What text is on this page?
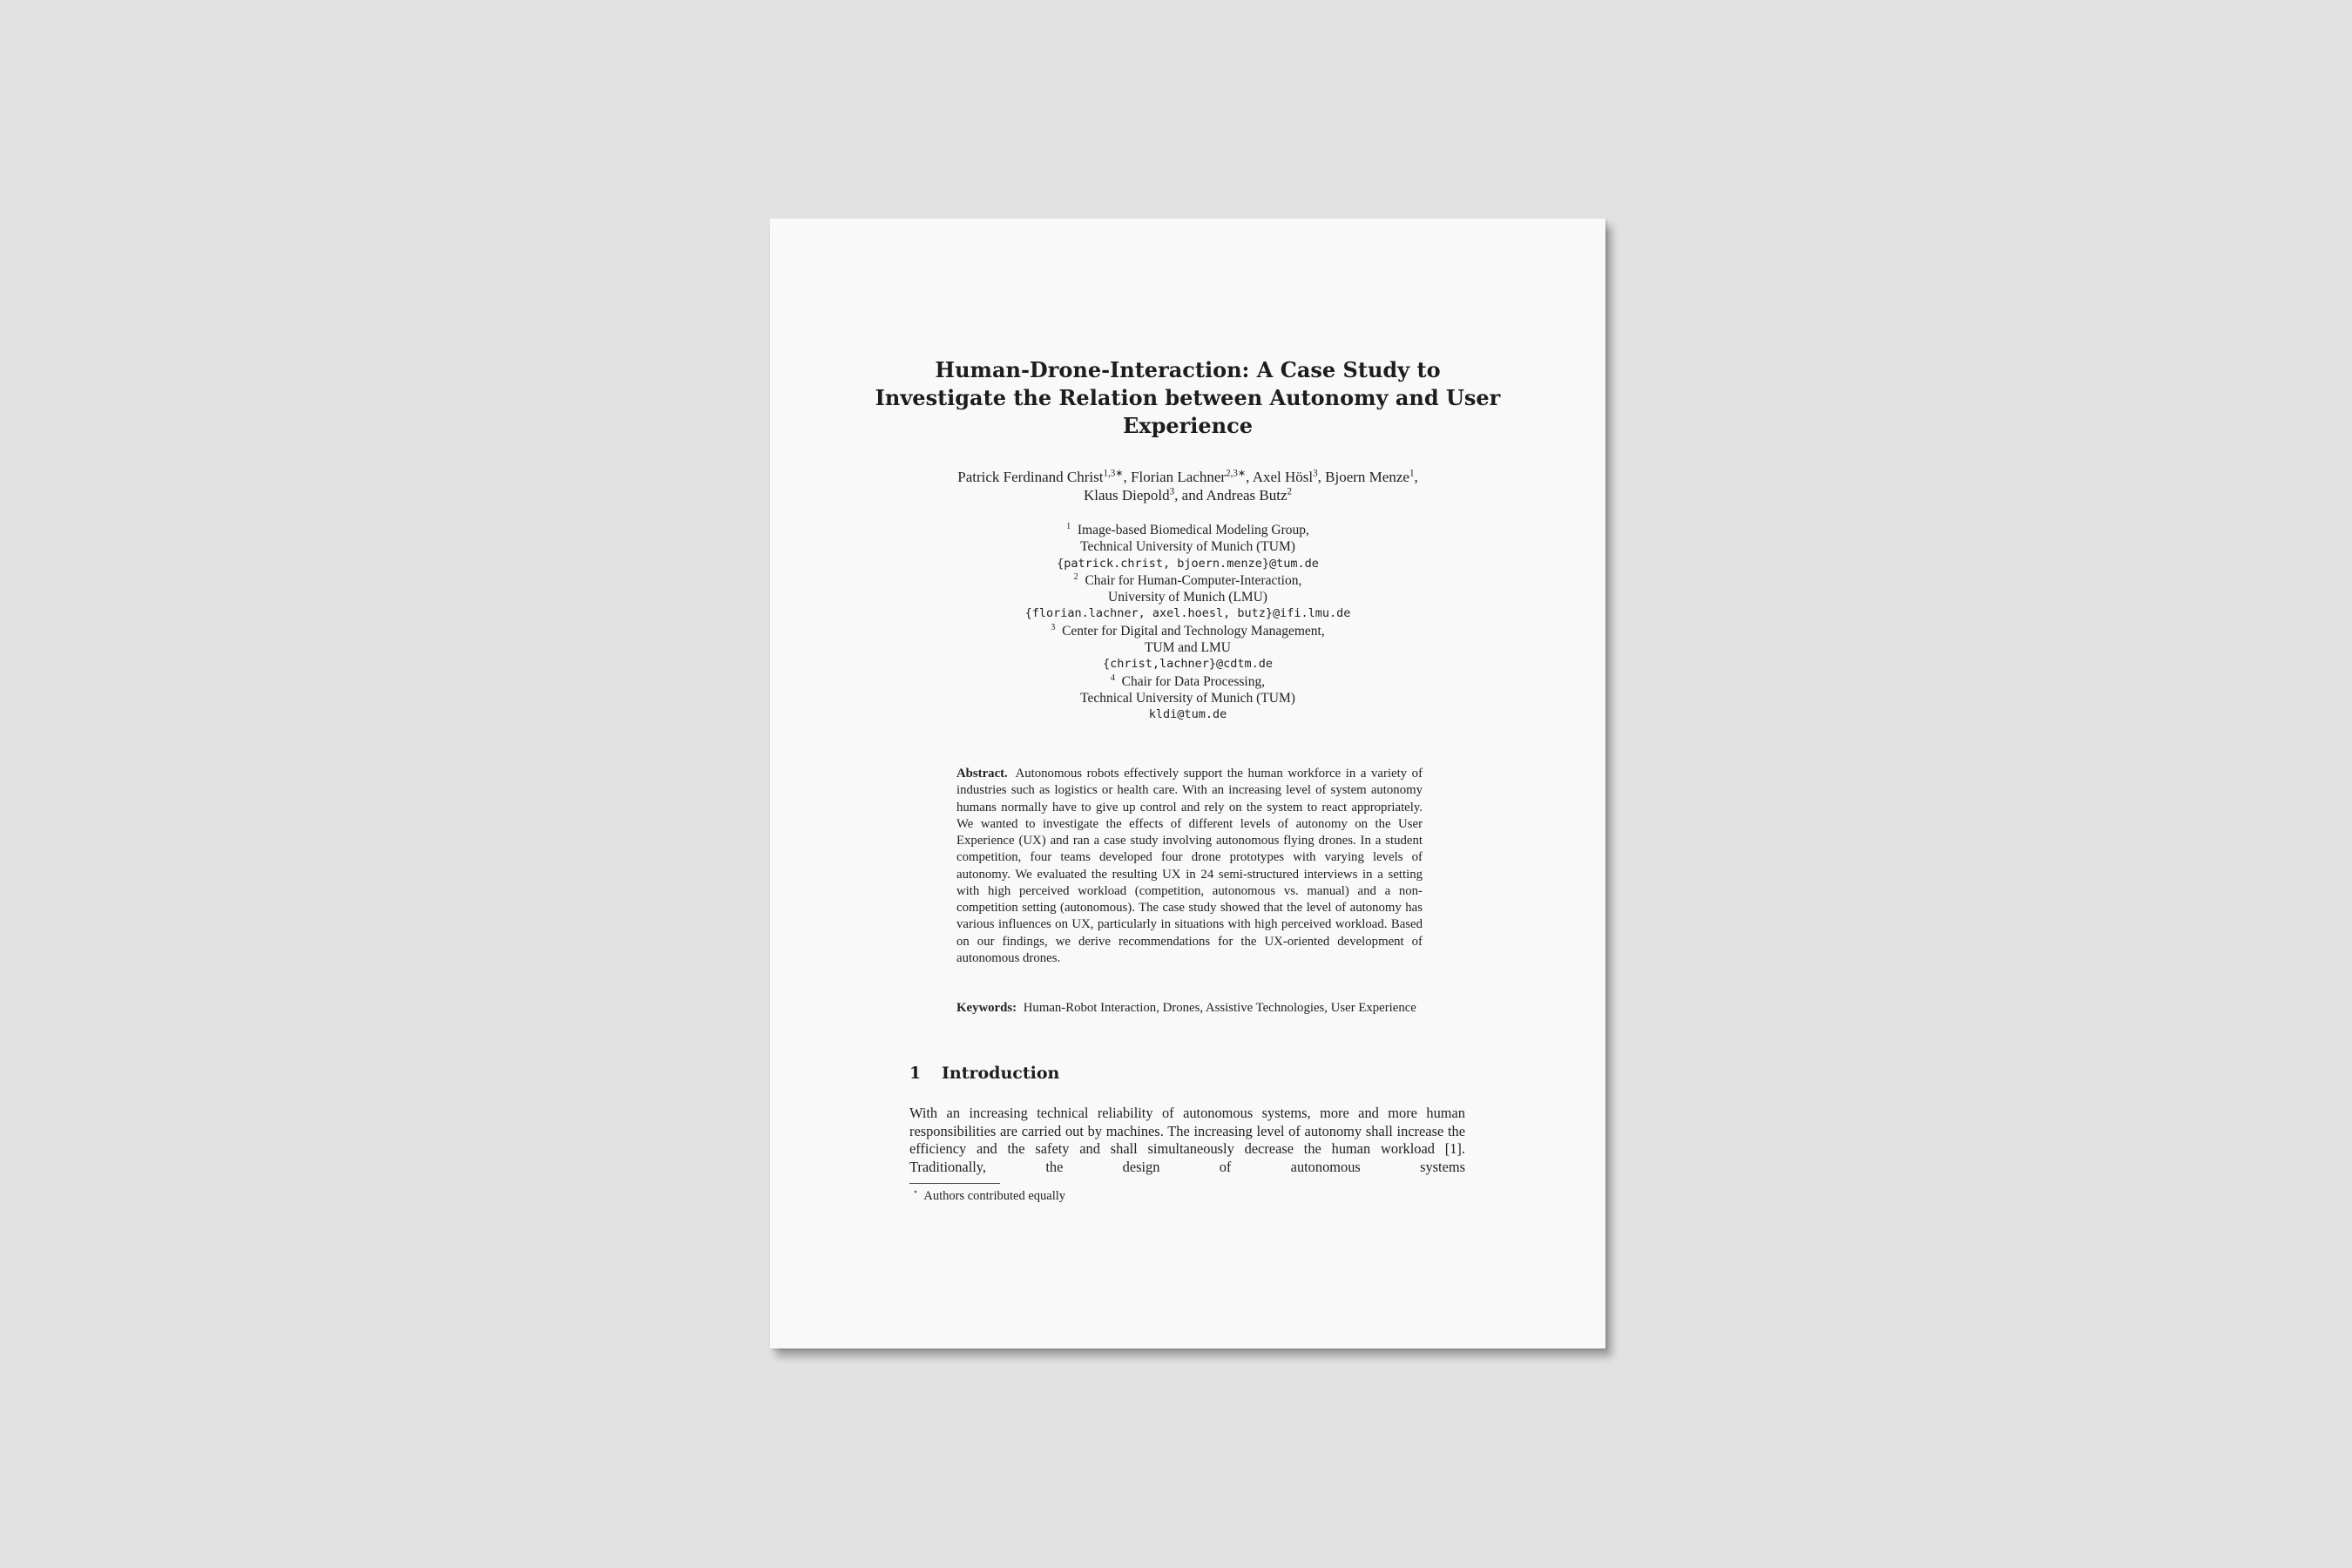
Human-Drone-Interaction: A Case Study to Investigate the Relation between Autonomy and User Experience
Patrick Ferdinand Christ$^{1,3∗}$, Florian Lachner$^{2,3∗}$, Axel Hösl$^3$, Bjoern Menze$^1$,
Klaus Diepold$^3$, and Andreas Butz$^2$
$^1$ Image-based Biomedical Modeling Group,
Technical University of Munich (TUM)
{patrick.christ, bjoern.menze}@tum.de
$^2$ Chair for Human-Computer-Interaction,
University of Munich (LMU)
{florian.lachner, axel.hoesl, butz}@ifi.lmu.de
$^3$ Center for Digital and Technology Management,
TUM and LMU
{christ,lachner}@cdtm.de
$^4$ Chair for Data Processing,
Technical University of Munich (TUM)
kldi@tum.de

Abstract. Autonomous robots effectively support the human workforce in a variety of industries such as logistics or health care. With an increasing level of system autonomy humans normally have to give up control and rely on the system to react appropriately. We wanted to investigate the effects of different levels of autonomy on the User Experience (UX) and ran a case study involving autonomous flying drones. In a student competition, four teams developed four drone prototypes with varying levels of autonomy. We evaluated the resulting UX in 24 semi-structured interviews in a setting with high perceived workload (competition, autonomous vs. manual) and a non-competition setting (autonomous). The case study showed that the level of autonomy has various influences on UX, particularly in situations with high perceived workload. Based on our findings, we derive recommendations for the UX-oriented development of autonomous drones.

Keywords: Human-Robot Interaction, Drones, Assistive Technologies, User Experience

1 Introduction

With an increasing technical reliability of autonomous systems, more and more human responsibilities are carried out by machines. The increasing level of autonomy shall increase the efficiency and the safety and shall simultaneously decrease the human workload [1]. Traditionally, the design of autonomous systems

⋆ Authors contributed equally
